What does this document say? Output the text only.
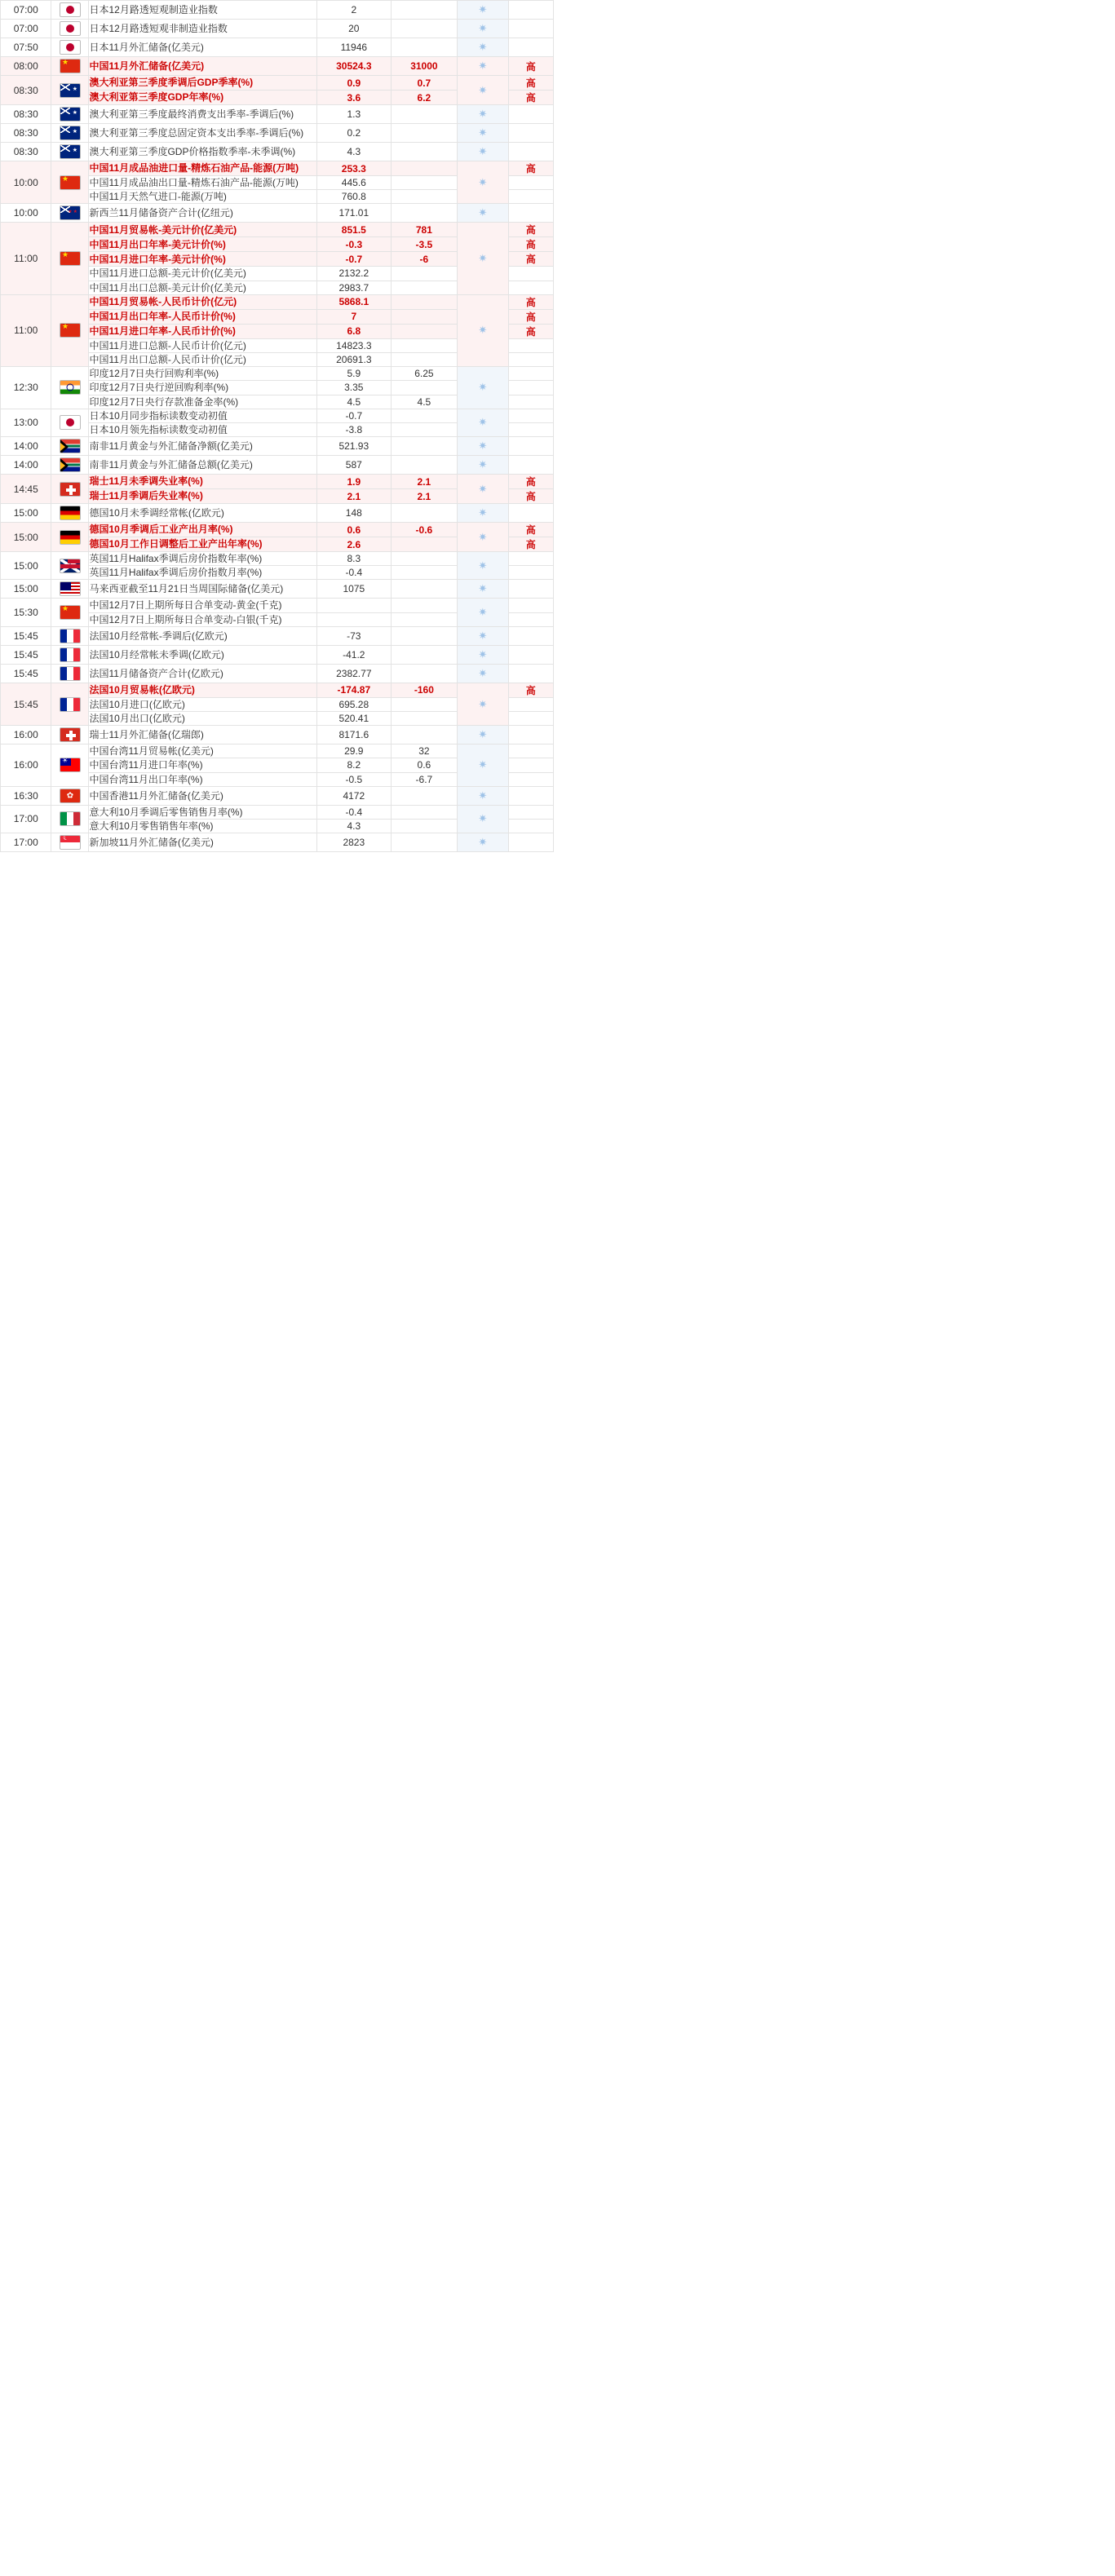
07:00		日本12月路透短观制造业指数	2		✷	
07:00		日本12月路透短观非制造业指数	20		✷	
07:50		日本11月外汇储备(亿美元)	11946		✷	
08:00	★	中国11月外汇储备(亿美元)	30524.3	31000	✷	高
08:30	★	澳大利亚第三季度季调后GDP季率(%)	0.9	0.7	✷	高
		澳大利亚第三季度GDP年率(%)	3.6	6.2		高
08:30	★	澳大利亚第三季度最终消费支出季率-季调后(%)	1.3		✷	
08:30	★	澳大利亚第三季度总固定资本支出季率-季调后(%)	0.2		✷	
08:30	★	澳大利亚第三季度GDP价格指数季率-未季调(%)	4.3		✷	
10:00	★	中国11月成品油进口量-精炼石油产品-能源(万吨)	253.3		✷	高
		中国11月成品油出口量-精炼石油产品-能源(万吨)	445.6			
		中国11月天然气进口-能源(万吨)	760.8			
10:00	★★	新西兰11月储备资产合计(亿纽元)	171.01		✷	
11:00	★	中国11月贸易帐-美元计价(亿美元)	851.5	781	✷	高
		中国11月出口年率-美元计价(%)	-0.3	-3.5		高
		中国11月进口年率-美元计价(%)	-0.7	-6		高
		中国11月进口总额-美元计价(亿美元)	2132.2			
		中国11月出口总额-美元计价(亿美元)	2983.7			
11:00	★	中国11月贸易帐-人民币计价(亿元)	5868.1		✷	高
		中国11月出口年率-人民币计价(%)	7			高
		中国11月进口年率-人民币计价(%)	6.8			高
		中国11月进口总额-人民币计价(亿元)	14823.3			
		中国11月出口总额-人民币计价(亿元)	20691.3			
12:30		印度12月7日央行回购利率(%)	5.9	6.25	✷	
		印度12月7日央行逆回购利率(%)	3.35			
		印度12月7日央行存款准备金率(%)	4.5	4.5		
13:00		日本10月同步指标读数变动初值	-0.7		✷	
		日本10月领先指标读数变动初值	-3.8			
14:00		南非11月黄金与外汇储备净额(亿美元)	521.93		✷	
14:00		南非11月黄金与外汇储备总额(亿美元)	587		✷	
14:45		瑞士11月未季调失业率(%)	1.9	2.1	✷	高
		瑞士11月季调后失业率(%)	2.1	2.1		高
15:00		德国10月未季调经常帐(亿欧元)	148		✷	
15:00		德国10月季调后工业产出月率(%)	0.6	-0.6	✷	高
		德国10月工作日调整后工业产出年率(%)	2.6			高
15:00		英国11月Halifax季调后房价指数年率(%)	8.3		✷	
		英国11月Halifax季调后房价指数月率(%)	-0.4			
15:00		马来西亚截至11月21日当周国际储备(亿美元)	1075		✷	
15:30	★	中国12月7日上期所每日合单变动-黄金(千克)			✷	
		中国12月7日上期所每日合单变动-白银(千克)				
15:45		法国10月经常帐-季调后(亿欧元)	-73		✷	
15:45		法国10月经常帐未季调(亿欧元)	-41.2		✷	
15:45		法国11月储备资产合计(亿欧元)	2382.77		✷	
15:45		法国10月贸易帐(亿欧元)	-174.87	-160	✷	高
		法国10月进口(亿欧元)	695.28			
		法国10月出口(亿欧元)	520.41			
16:00		瑞士11月外汇储备(亿瑞郎)	8171.6		✷	
16:00	☀	中国台湾11月贸易帐(亿美元)	29.9	32	✷	
		中国台湾11月进口年率(%)	8.2	0.6		
		中国台湾11月出口年率(%)	-0.5	-6.7		
16:30	✿	中国香港11月外汇储备(亿美元)	4172		✷	
17:00		意大利10月季调后零售销售月率(%)	-0.4		✷	
		意大利10月零售销售年率(%)	4.3			
17:00	☾	新加坡11月外汇储备(亿美元)	2823		✷	
